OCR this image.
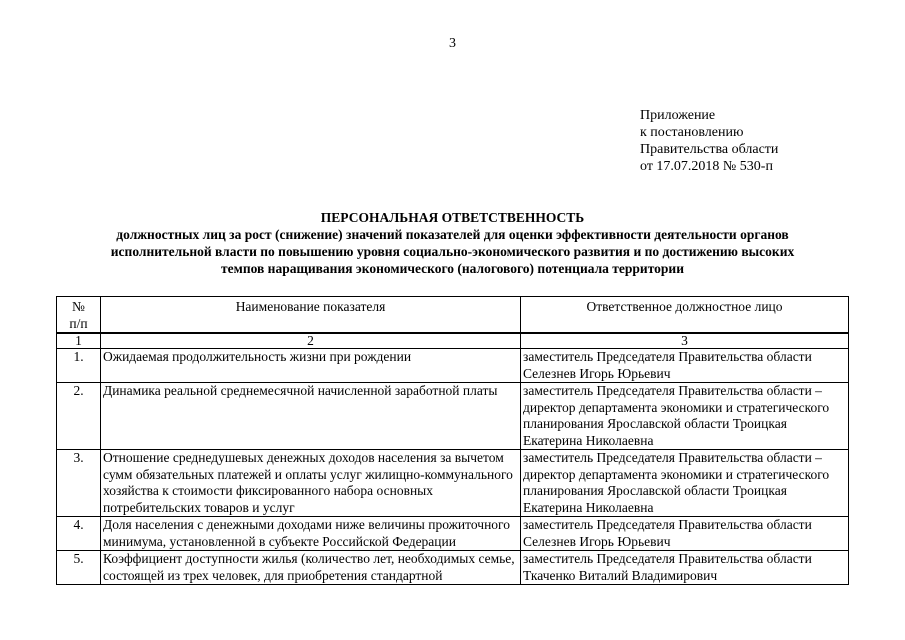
3
Приложение
к постановлению
Правительства области
от 17.07.2018 № 530-п
ПЕРСОНАЛЬНАЯ ОТВЕТСТВЕННОСТЬ
должностных лиц за рост (снижение) значений показателей для оценки эффективности деятельности органов
исполнительной власти по повышению уровня социально-экономического развития и по достижению высоких
темпов наращивания экономического (налогового) потенциала территории
№
п/п	Наименование показателя	Ответственное должностное лицо
1	2	3
1.	Ожидаемая продолжительность жизни при рождении	заместитель Председателя Правительства области Селезнев Игорь Юрьевич
2.	Динамика реальной среднемесячной начисленной заработной платы	заместитель Председателя Правительства области – директор департамента экономики и стратегического планирования Ярославской области Троицкая Екатерина Николаевна
3.	Отношение среднедушевых денежных доходов населения за вычетом сумм обязательных платежей и оплаты услуг жилищно-коммунального хозяйства к стоимости фиксированного набора основных потребительских товаров и услуг	заместитель Председателя Правительства области – директор департамента экономики и стратегического планирования Ярославской области Троицкая Екатерина Николаевна
4.	Доля населения с денежными доходами ниже величины прожиточного минимума, установленной в субъекте Российской Федерации	заместитель Председателя Правительства области Селезнев Игорь Юрьевич
5.	Коэффициент доступности жилья (количество лет, необходимых семье, состоящей из трех человек, для приобретения стандартной	заместитель Председателя Правительства области Ткаченко Виталий Владимирович
